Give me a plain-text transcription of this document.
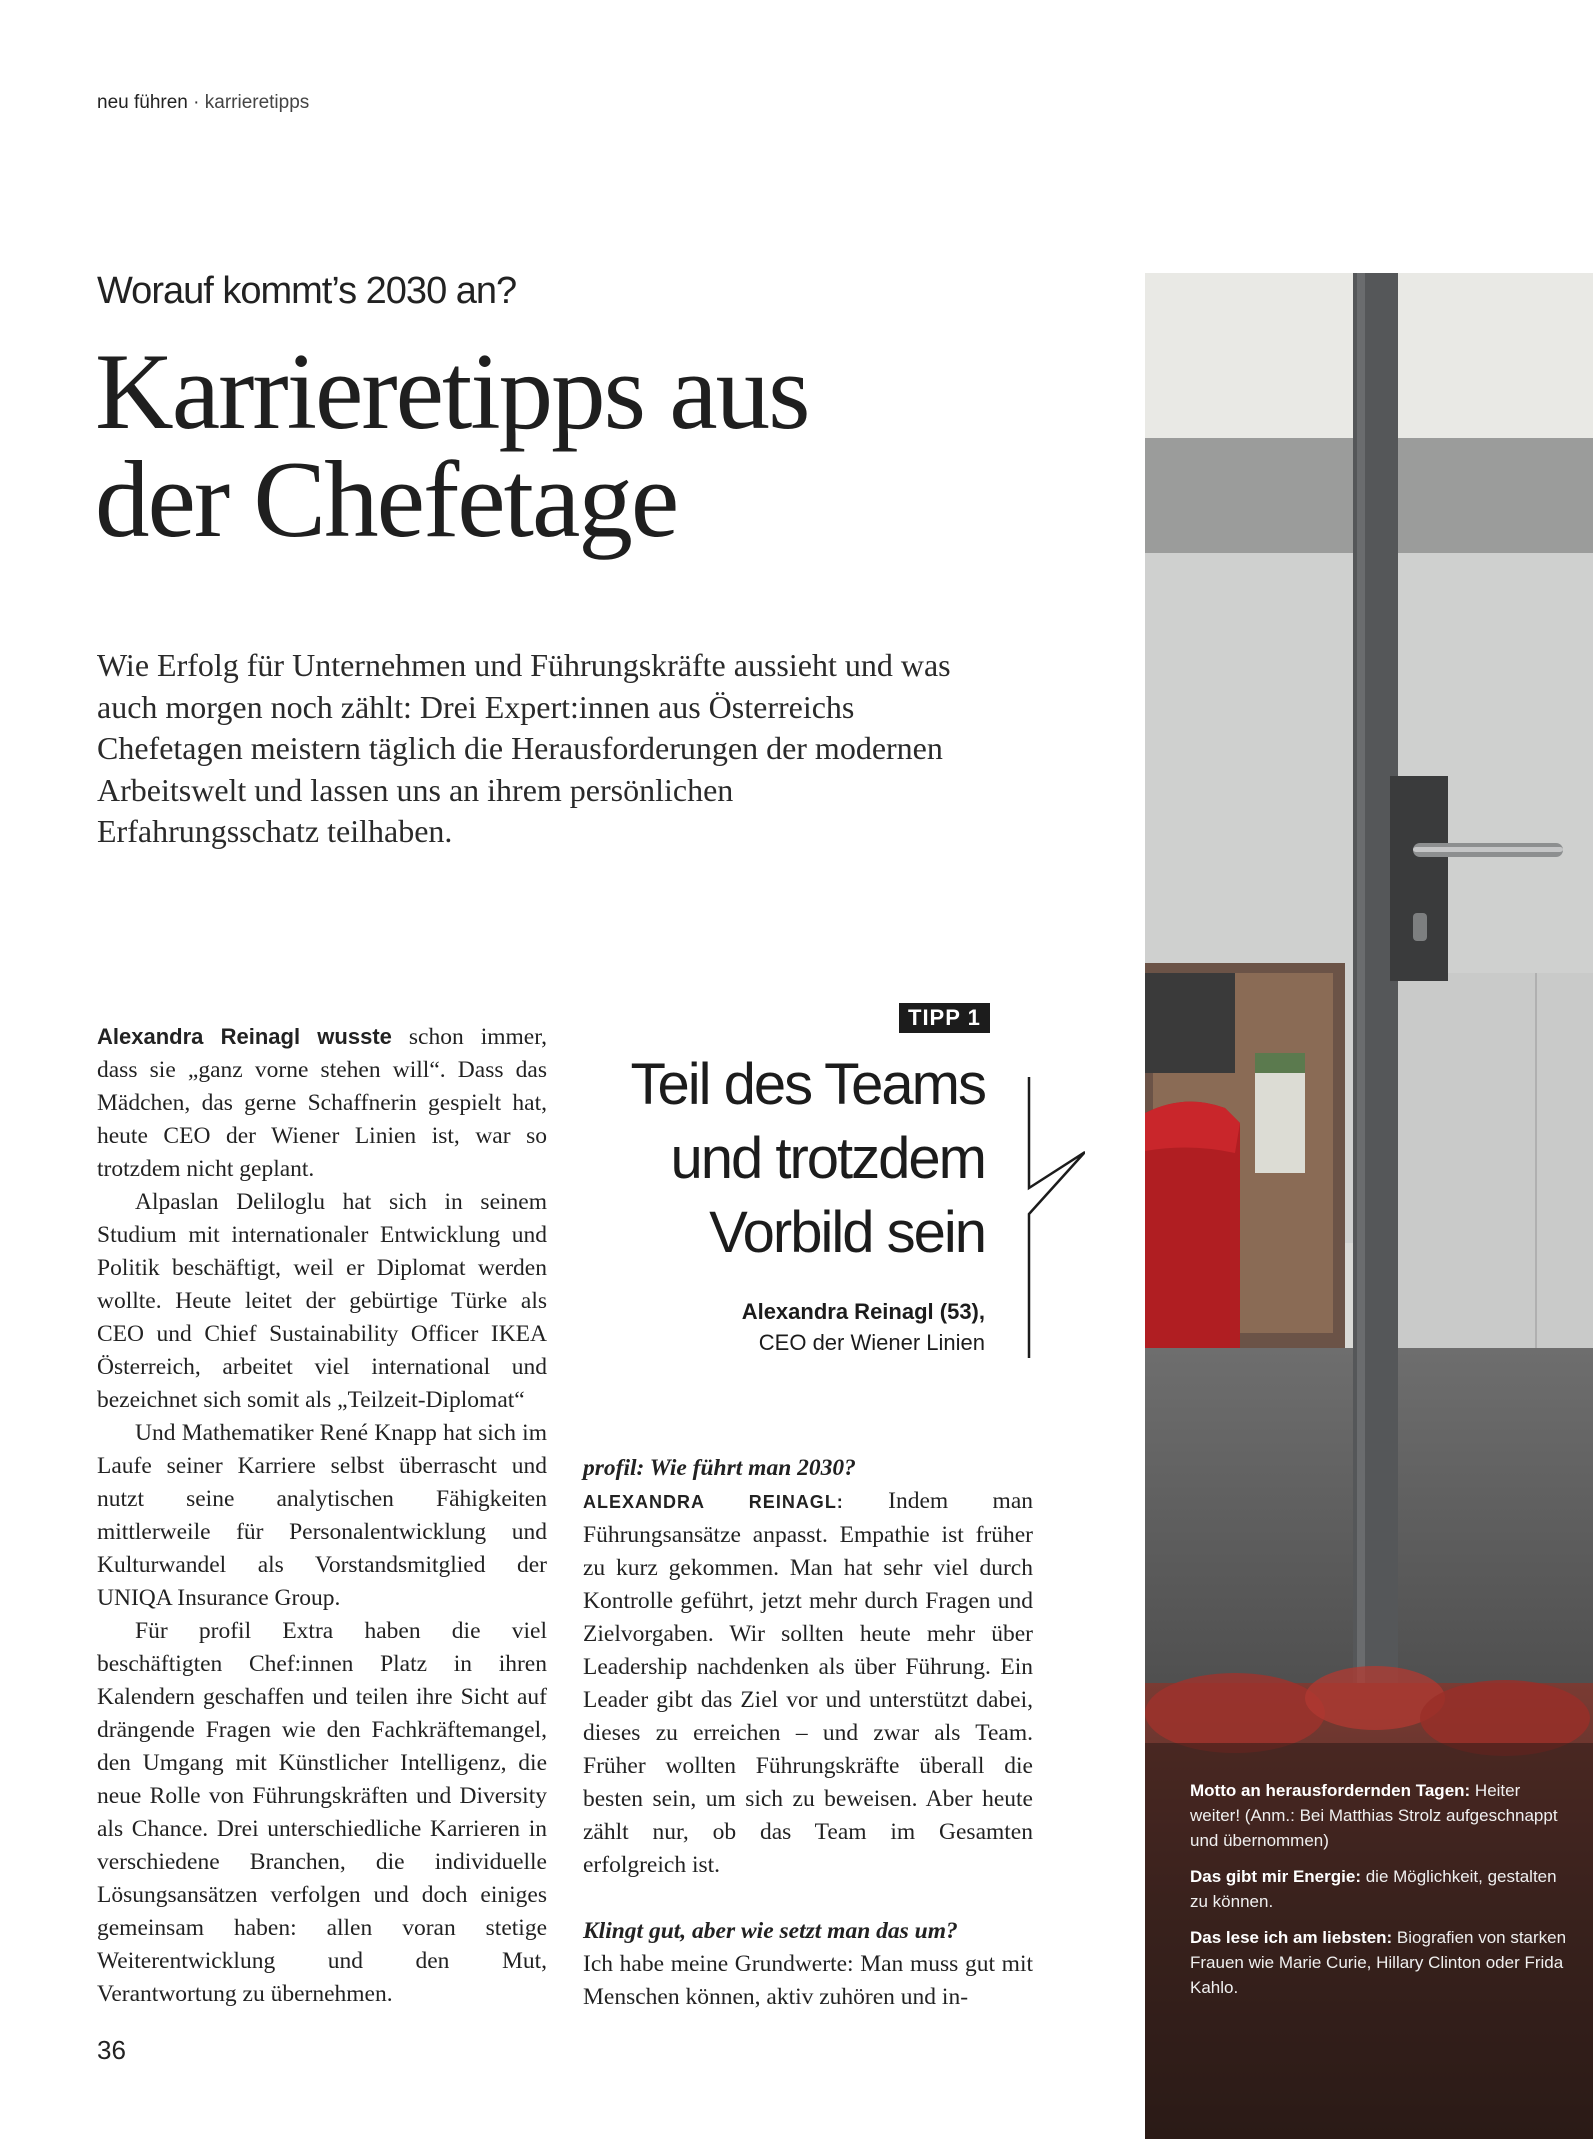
neu führen · karrieretipps
Worauf kommt’s 2030 an?
Karrieretipps aus
der Chefetage

Wie Erfolg für Unternehmen und Führungskräfte aussieht und was auch morgen noch zählt: Drei Expert:innen aus Österreichs Chefetagen meistern täglich die Herausforderungen der modernen Arbeitswelt und lassen uns an ihrem persönlichen Erfahrungsschatz teilhaben.

Alexandra Reinagl wusste schon immer, dass sie „ganz vorne stehen will“. Dass das Mädchen, das gerne Schaffnerin gespielt hat, heute CEO der Wiener Linien ist, war so trotzdem nicht geplant.

Alpaslan Deliloglu hat sich in seinem Studium mit internationaler Entwicklung und Politik beschäftigt, weil er Diplomat werden wollte. Heute leitet der gebürtige Türke als CEO und Chief Sustainability Officer IKEA Österreich, arbeitet viel international und bezeichnet sich somit als „Teilzeit-Diplomat“

Und Mathematiker René Knapp hat sich im Laufe seiner Karriere selbst überrascht und nutzt seine analytischen Fähigkeiten mittlerweile für Personalentwicklung und Kulturwandel als Vorstandsmitglied der UNIQA Insurance Group.

Für profil Extra haben die viel beschäftigten Chef:innen Platz in ihren Kalendern geschaffen und teilen ihre Sicht auf drängende Fragen wie den Fachkräftemangel, den Umgang mit Künstlicher Intelligenz, die neue Rolle von Führungskräften und Diversity als Chance. Drei unterschiedliche Karrieren in verschiedene Branchen, die individuelle Lösungsansätzen verfolgen und doch einiges gemeinsam haben: allen voran stetige Weiterentwicklung und den Mut, Verantwortung zu übernehmen.

TIPP 1
Teil des Teams
und trotzdem
Vorbild sein
Alexandra Reinagl (53),
CEO der Wiener Linien

profil: Wie führt man 2030?

ALEXANDRA REINAGL: Indem man Führungsansätze anpasst. Empathie ist früher zu kurz gekommen. Man hat sehr viel durch Kontrolle geführt, jetzt mehr durch Fragen und Zielvorgaben. Wir sollten heute mehr über Leadership nachdenken als über Führung. Ein Leader gibt das Ziel vor und unterstützt dabei, dieses zu erreichen – und zwar als Team. Früher wollten Führungskräfte überall die besten sein, um sich zu beweisen. Aber heute zählt nur, ob das Team im Gesamten erfolgreich ist.

Klingt gut, aber wie setzt man das um?

Ich habe meine Grundwerte: Man muss gut mit Menschen können, aktiv zuhören und in-

36

Motto an herausfordernden Tagen: Heiter weiter! (Anm.: Bei Matthias Strolz aufgeschnappt und übernommen)

Das gibt mir Energie: die Möglichkeit, gestalten zu können.

Das lese ich am liebsten: Biografien von starken Frauen wie Marie Curie, Hillary Clinton oder Frida Kahlo.
